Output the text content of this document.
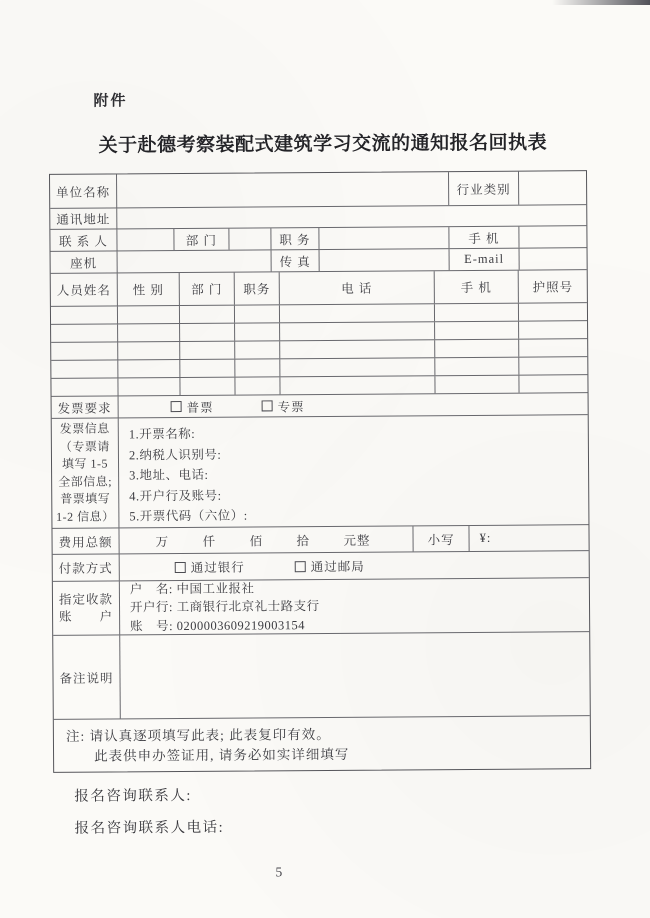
附件
关于赴德考察装配式建筑学习交流的通知报名回执表
单位名称	行业类别
通讯地址
联 系 人	部 门	职 务	手 机
座机	传 真	E-mail
人员姓名	性 别	部 门	职务	电 话	手 机	护照号
发票要求	普票	专票
发票信息
（专票请
填写 1-5
全部信息;
普票填写
1-2 信息）
1.开票名称:
2.纳税人识别号:
3.地址、电话:
4.开户行及账号:
5.开票代码（六位）:
费用总额	万	仟	佰	拾	元整	小写	¥:
付款方式	通过银行	通过邮局
指定收款
账　　户
户　名: 中国工业报社
开户行: 工商银行北京礼士路支行
账　号: 0200003609219003154
备注说明
注: 请认真逐项填写此表; 此表复印有效。
此表供申办签证用, 请务必如实详细填写
报名咨询联系人:
报名咨询联系人电话:
5
